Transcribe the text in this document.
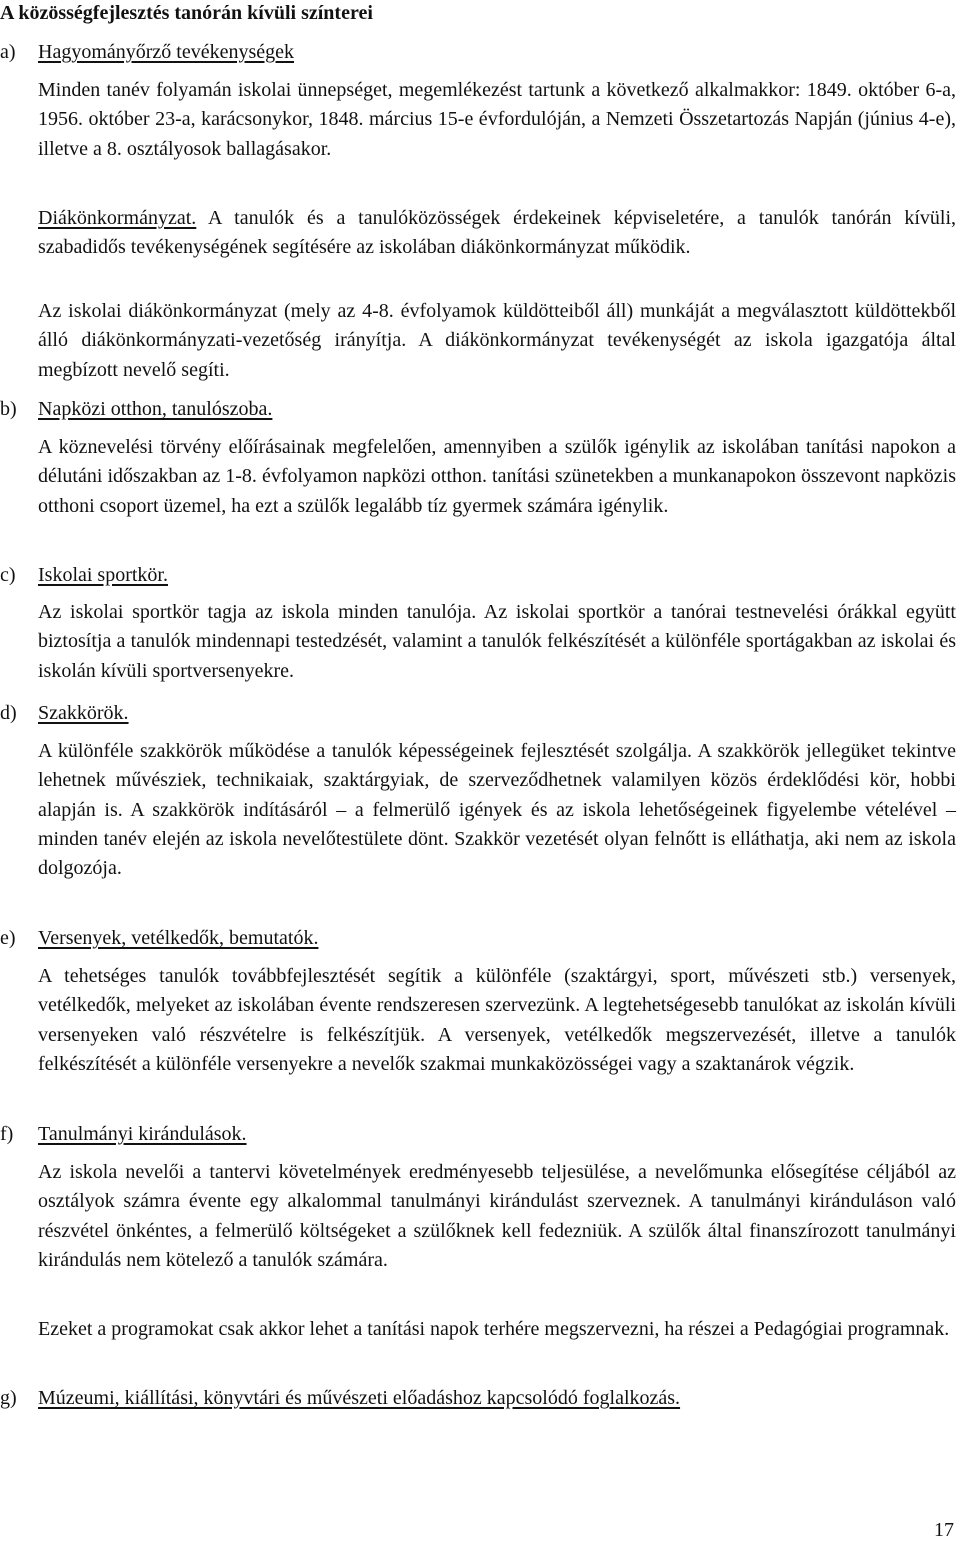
A közösségfejlesztés tanórán kívüli színterei
a) Hagyományőrző tevékenységek
Minden tanév folyamán iskolai ünnepséget, megemlékezést tartunk a következő alkalmakkor: 1849. október 6-a, 1956. október 23-a, karácsonykor, 1848. március 15-e évfordulóján, a Nemzeti Összetartozás Napján (június 4-e), illetve a 8. osztályosok ballagásakor.
Diákönkormányzat. A tanulók és a tanulóközösségek érdekeinek képviseletére, a tanulók tanórán kívüli, szabadidős tevékenységének segítésére az iskolában diákönkormányzat működik.
Az iskolai diákönkormányzat (mely az 4-8. évfolyamok küldötteiből áll) munkáját a megválasztott küldöttekből álló diákönkormányzati-vezetőség irányítja. A diákönkormányzat tevékenységét az iskola igazgatója által megbízott nevelő segíti.
b) Napközi otthon, tanulószoba.
A köznevelési törvény előírásainak megfelelően, amennyiben a szülők igénylik az iskolában tanítási napokon a délutáni időszakban az 1-8. évfolyamon napközi otthon. tanítási szünetekben a munkanapokon összevont napközis otthoni csoport üzemel, ha ezt a szülők legalább tíz gyermek számára igénylik.
c) Iskolai sportkör.
Az iskolai sportkör tagja az iskola minden tanulója. Az iskolai sportkör a tanórai testnevelési órákkal együtt biztosítja a tanulók mindennapi testedzését, valamint a tanulók felkészítését a különféle sportágakban az iskolai és iskolán kívüli sportversenyekre.
d) Szakkörök.
A különféle szakkörök működése a tanulók képességeinek fejlesztését szolgálja. A szakkörök jellegüket tekintve lehetnek művésziek, technikaiak, szaktárgyiak, de szerveződhetnek valamilyen közös érdeklődési kör, hobbi alapján is. A szakkörök indításáról – a felmerülő igények és az iskola lehetőségeinek figyelembe vételével – minden tanév elején az iskola nevelőtestülete dönt. Szakkör vezetését olyan felnőtt is elláthatja, aki nem az iskola dolgozója.
e) Versenyek, vetélkedők, bemutatók.
A tehetséges tanulók továbbfejlesztését segítik a különféle (szaktárgyi, sport, művészeti stb.) versenyek, vetélkedők, melyeket az iskolában évente rendszeresen szervezünk. A legtehetségesebb tanulókat az iskolán kívüli versenyeken való részvételre is felkészítjük. A versenyek, vetélkedők megszervezését, illetve a tanulók felkészítését a különféle versenyekre a nevelők szakmai munkaközösségei vagy a szaktanárok végzik.
f) Tanulmányi kirándulások.
Az iskola nevelői a tantervi követelmények eredményesebb teljesülése, a nevelőmunka elősegítése céljából az osztályok számra évente egy alkalommal tanulmányi kirándulást szerveznek. A tanulmányi kiránduláson való részvétel önkéntes, a felmerülő költségeket a szülőknek kell fedezniük. A szülők által finanszírozott tanulmányi kirándulás nem kötelező a tanulók számára.
Ezeket a programokat csak akkor lehet a tanítási napok terhére megszervezni, ha részei a Pedagógiai programnak.
g) Múzeumi, kiállítási, könyvtári és művészeti előadáshoz kapcsolódó foglalkozás.
17
